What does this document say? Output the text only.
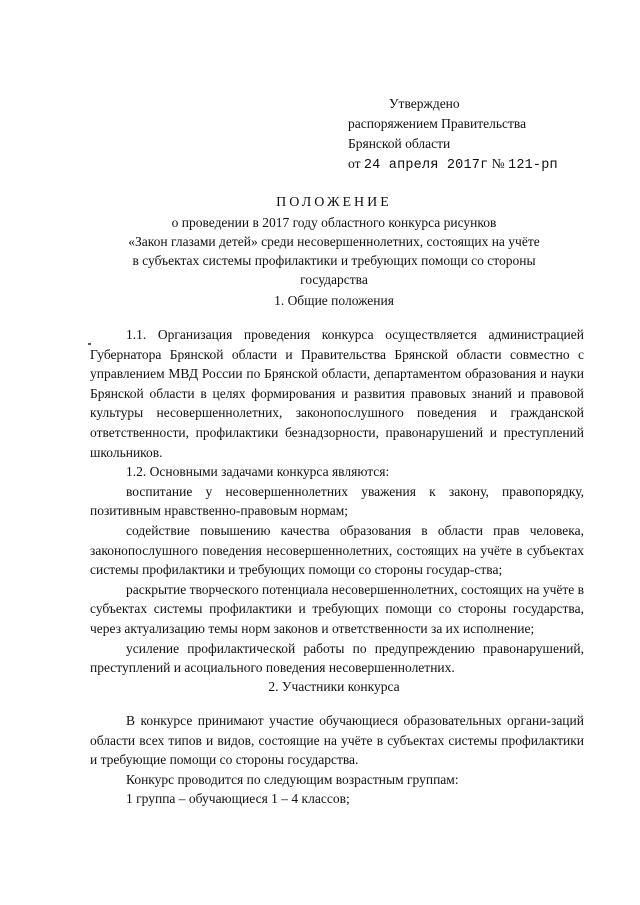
Утверждено
распоряжением Правительства
Брянской области
от 24 апреля 2017г № 121-рп
ПОЛОЖЕНИЕ
о проведении в 2017 году областного конкурса рисунков
«Закон глазами детей» среди несовершеннолетних, состоящих на учёте
в субъектах системы профилактики и требующих помощи со стороны
государства
1. Общие положения

1.1. Организация проведения конкурса осуществляется администрацией Губернатора Брянской области и Правительства Брянской области совместно с управлением МВД России по Брянской области, департаментом образования и науки Брянской области в целях формирования и развития правовых знаний и правовой культуры несовершеннолетних, законопослушного поведения и гражданской ответственности, профилактики безнадзорности, правонарушений и преступлений школьников.

1.2. Основными задачами конкурса являются:

воспитание у несовершеннолетних уважения к закону, правопорядку, позитивным нравственно-правовым нормам;

содействие повышению качества образования в области прав человека, законопослушного поведения несовершеннолетних, состоящих на учёте в субъектах системы профилактики и требующих помощи со стороны государ-ства;

раскрытие творческого потенциала несовершеннолетних, состоящих на учёте в субъектах системы профилактики и требующих помощи со стороны государства, через актуализацию темы норм законов и ответственности за их исполнение;

усиление профилактической работы по предупреждению правонарушений, преступлений и асоциального поведения несовершеннолетних.

2. Участники конкурса

В конкурсе принимают участие обучающиеся образовательных органи-заций области всех типов и видов, состоящие на учёте в субъектах системы профилактики и требующие помощи со стороны государства.

Конкурс проводится по следующим возрастным группам:

1 группа – обучающиеся 1 – 4 классов;
